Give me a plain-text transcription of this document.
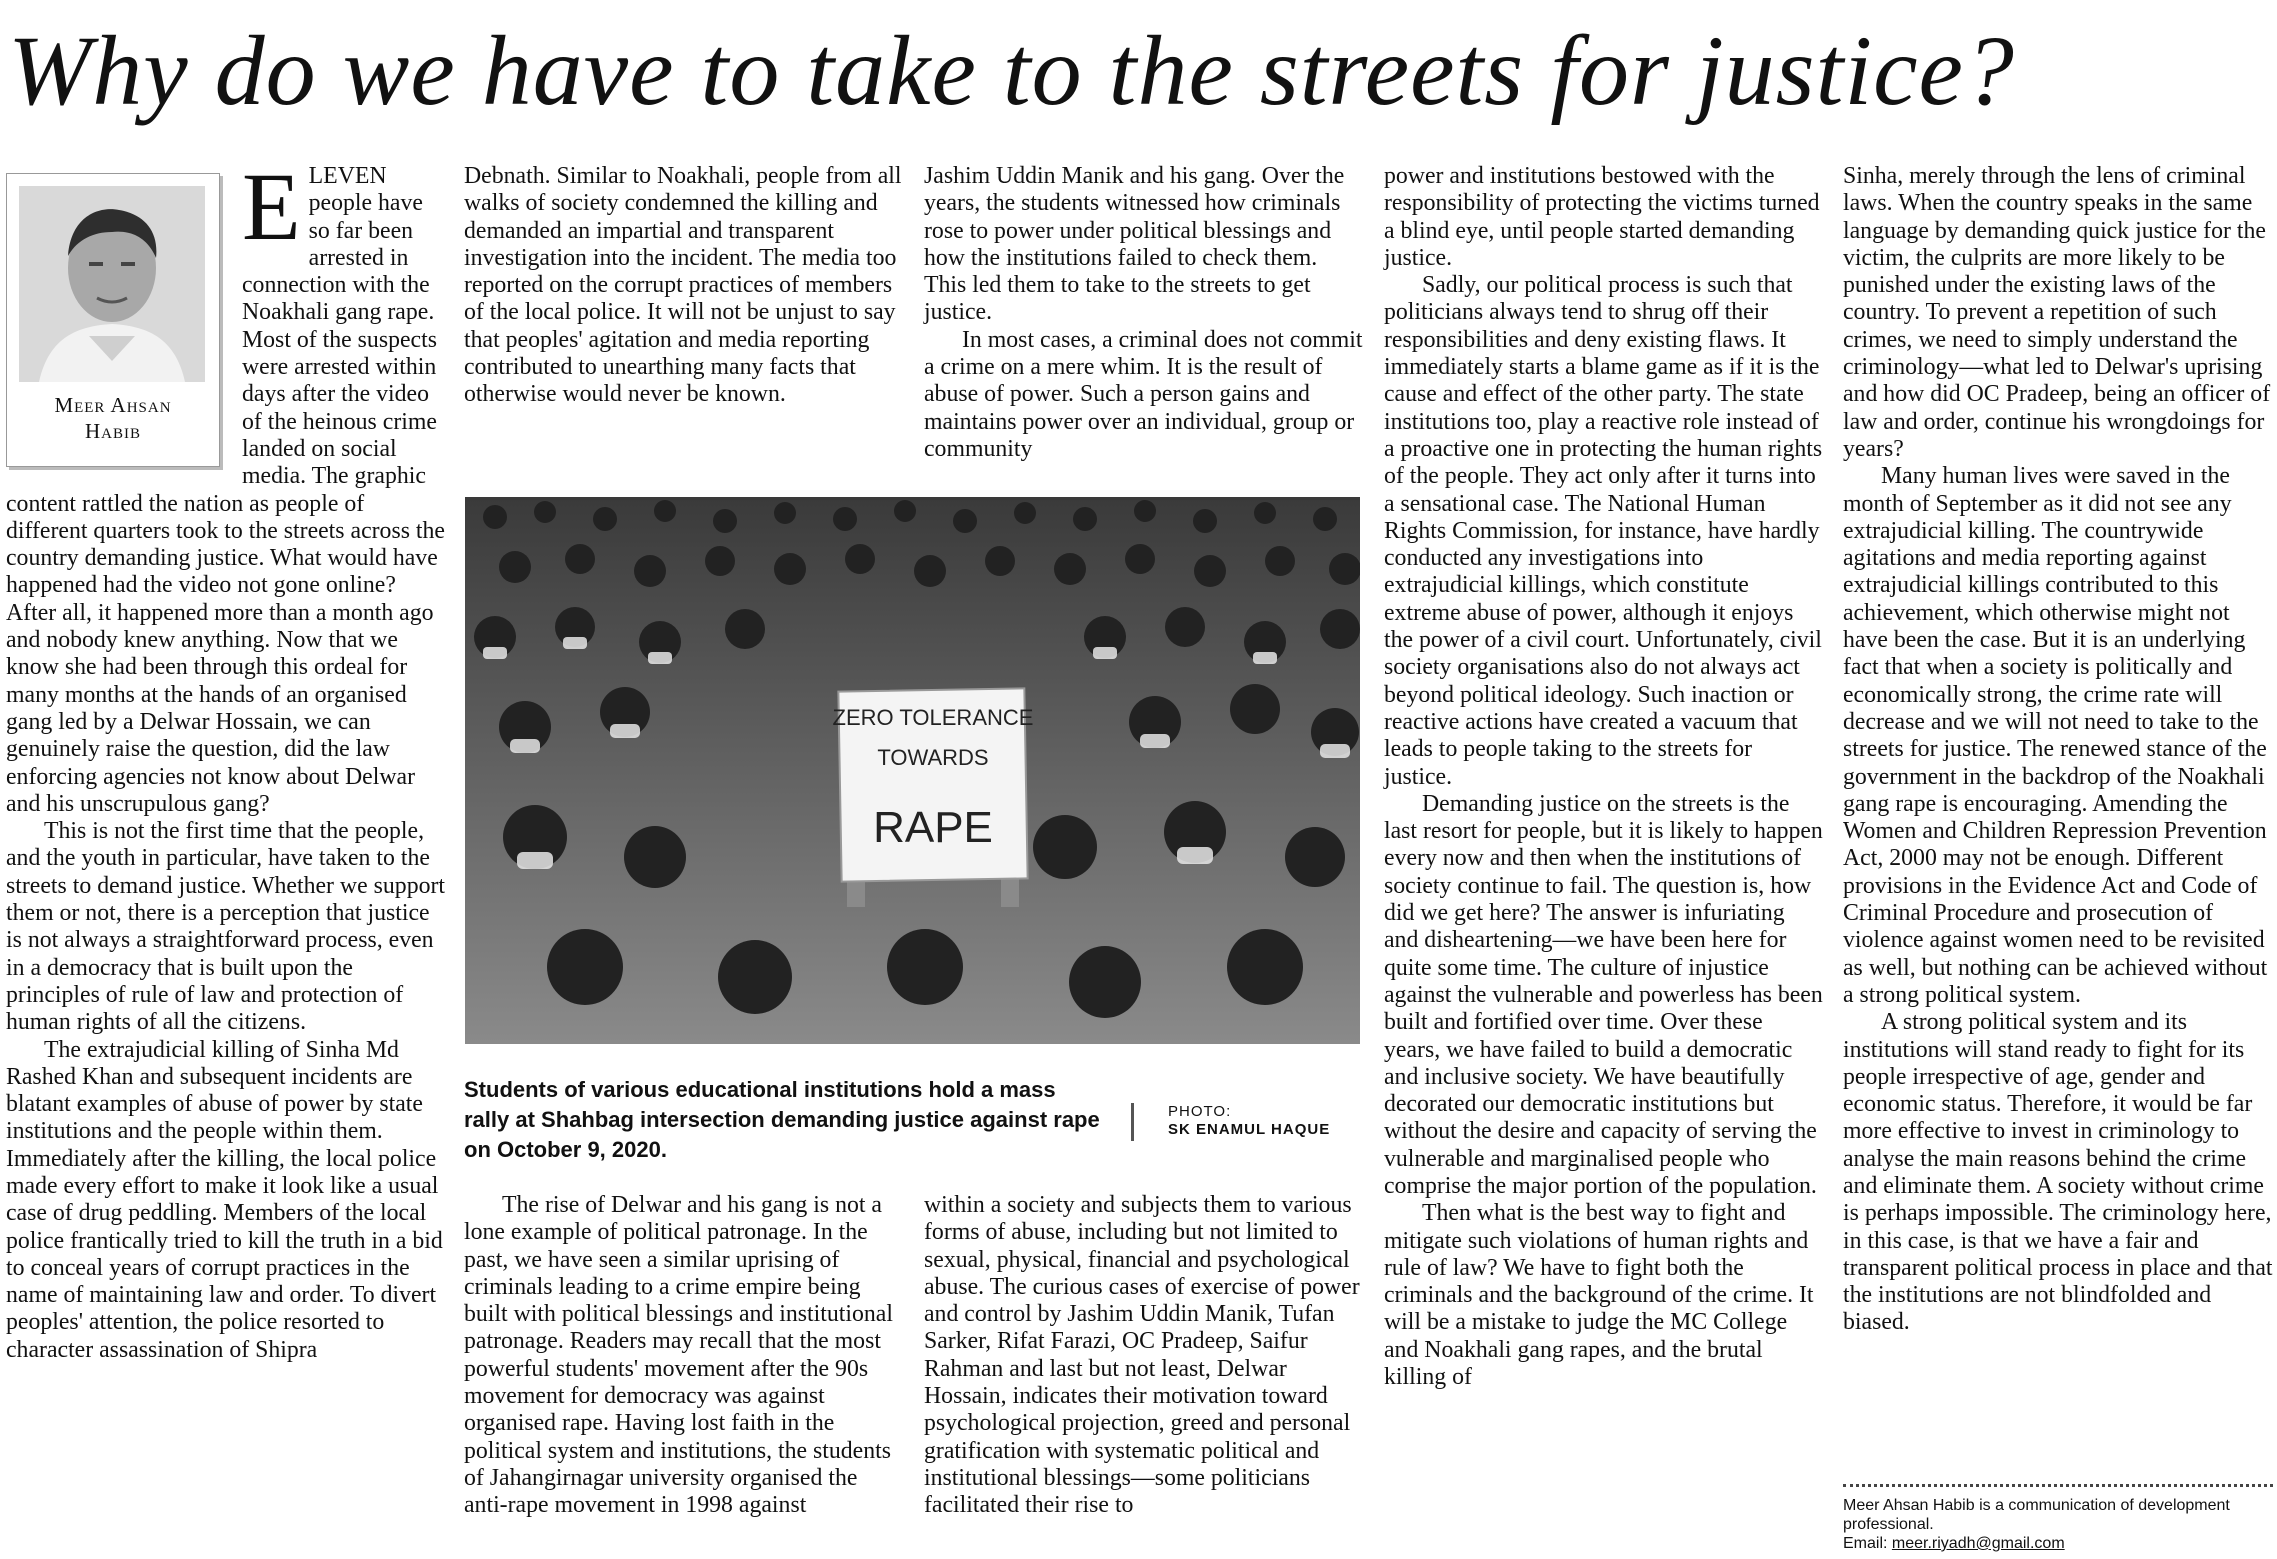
Why do we have to take to the streets for justice?
Meer Ahsan
Habib
E LEVEN people have so far been arrested in connection with the Noakhali gang rape. Most of the suspects were arrested within days after the video of the heinous crime landed on social media. The graphic content rattled the nation as people of different quarters took to the streets across the country demanding justice. What would have happened had the video not gone online? After all, it happened more than a month ago and nobody knew anything. Now that we know she had been through this ordeal for many months at the hands of an organised gang led by a Delwar Hossain, we can genuinely raise the question, did the law enforcing agencies not know about Delwar and his unscrupulous gang?

This is not the first time that the people, and the youth in particular, have taken to the streets to demand justice. Whether we support them or not, there is a perception that justice is not always a straightforward process, even in a democracy that is built upon the principles of rule of law and protection of human rights of all the citizens.

The extrajudicial killing of Sinha Md Rashed Khan and subsequent incidents are blatant examples of abuse of power by state institutions and the people within them. Immediately after the killing, the local police made every effort to make it look like a usual case of drug peddling. Members of the local police frantically tried to kill the truth in a bid to conceal years of corrupt practices in the name of maintaining law and order. To divert peoples' attention, the police resorted to character assassination of Shipra

Debnath. Similar to Noakhali, people from all walks of society condemned the killing and demanded an impartial and transparent investigation into the incident. The media too reported on the corrupt practices of members of the local police. It will not be unjust to say that peoples' agitation and media reporting contributed to unearthing many facts that otherwise would never be known.

Jashim Uddin Manik and his gang. Over the years, the students witnessed how criminals rose to power under political blessings and how the institutions failed to check them. This led them to take to the streets to get justice.

In most cases, a criminal does not commit a crime on a mere whim. It is the result of abuse of power. Such a person gains and maintains power over an individual, group or community

ZERO TOLERANCE
TOWARDS
RAPE
Students of various educational institutions hold a mass rally at Shahbag intersection demanding justice against rape on October 9, 2020.
PHOTO:
SK ENAMUL HAQUE

The rise of Delwar and his gang is not a lone example of political patronage. In the past, we have seen a similar uprising of criminals leading to a crime empire being built with political blessings and institutional patronage. Readers may recall that the most powerful students' movement after the 90s movement for democracy was against organised rape. Having lost faith in the political system and institutions, the students of Jahangirnagar university organised the anti-rape movement in 1998 against

within a society and subjects them to various forms of abuse, including but not limited to sexual, physical, financial and psychological abuse. The curious cases of exercise of power and control by Jashim Uddin Manik, Tufan Sarker, Rifat Farazi, OC Pradeep, Saifur Rahman and last but not least, Delwar Hossain, indicates their motivation toward psychological projection, greed and personal gratification with systematic political and institutional blessings—some politicians facilitated their rise to

power and institutions bestowed with the responsibility of protecting the victims turned a blind eye, until people started demanding justice.

Sadly, our political process is such that politicians always tend to shrug off their responsibilities and deny existing flaws. It immediately starts a blame game as if it is the cause and effect of the other party. The state institutions too, play a reactive role instead of a proactive one in protecting the human rights of the people. They act only after it turns into a sensational case. The National Human Rights Commission, for instance, have hardly conducted any investigations into extrajudicial killings, which constitute extreme abuse of power, although it enjoys the power of a civil court. Unfortunately, civil society organisations also do not always act beyond political ideology. Such inaction or reactive actions have created a vacuum that leads to people taking to the streets for justice.

Demanding justice on the streets is the last resort for people, but it is likely to happen every now and then when the institutions of society continue to fail. The question is, how did we get here? The answer is infuriating and disheartening—we have been here for quite some time. The culture of injustice against the vulnerable and powerless has been built and fortified over time. Over these years, we have failed to build a democratic and inclusive society. We have beautifully decorated our democratic institutions but without the desire and capacity of serving the vulnerable and marginalised people who comprise the major portion of the population.

Then what is the best way to fight and mitigate such violations of human rights and rule of law? We have to fight both the criminals and the background of the crime. It will be a mistake to judge the MC College and Noakhali gang rapes, and the brutal killing of

Sinha, merely through the lens of criminal laws. When the country speaks in the same language by demanding quick justice for the victim, the culprits are more likely to be punished under the existing laws of the country. To prevent a repetition of such crimes, we need to simply understand the criminology—what led to Delwar's uprising and how did OC Pradeep, being an officer of law and order, continue his wrongdoings for years?

Many human lives were saved in the month of September as it did not see any extrajudicial killing. The countrywide agitations and media reporting against extrajudicial killings contributed to this achievement, which otherwise might not have been the case. But it is an underlying fact that when a society is politically and economically strong, the crime rate will decrease and we will not need to take to the streets for justice. The renewed stance of the government in the backdrop of the Noakhali gang rape is encouraging. Amending the Women and Children Repression Prevention Act, 2000 may not be enough. Different provisions in the Evidence Act and Code of Criminal Procedure and prosecution of violence against women need to be revisited as well, but nothing can be achieved without a strong political system.

A strong political system and its institutions will stand ready to fight for its people irrespective of age, gender and economic status. Therefore, it would be far more effective to invest in criminology to analyse the main reasons behind the crime and eliminate them. A society without crime is perhaps impossible. The criminology here, in this case, is that we have a fair and transparent political process in place and that the institutions are not blindfolded and biased.

Meer Ahsan Habib is a communication of development professional.
Email: meer.riyadh@gmail.com
